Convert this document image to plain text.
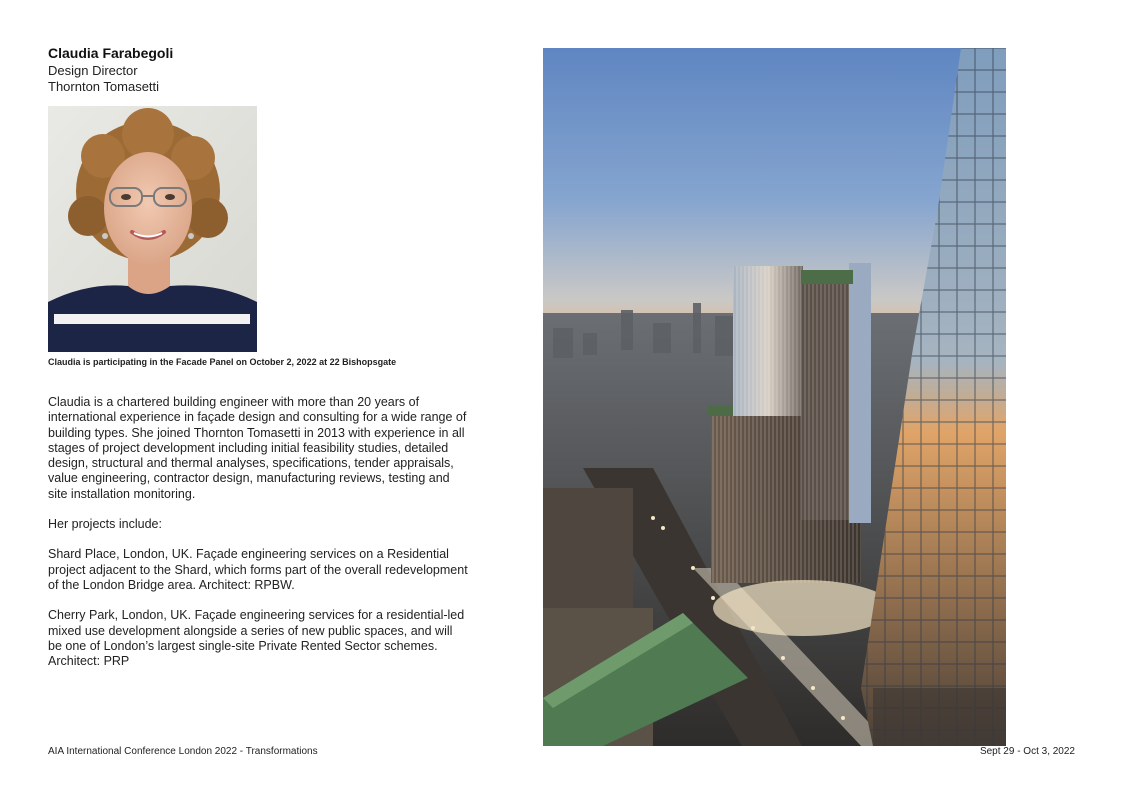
Claudia Farabegoli
Design Director
Thornton Tomasetti
Claudia is participating in the Facade Panel on October 2, 2022 at 22 Bishopsgate

Claudia is a chartered building engineer with more than 20 years of international experience in façade design and consulting for a wide range of building types. She joined Thornton Tomasetti in 2013 with experience in all stages of project development including initial feasibility studies, detailed design, structural and thermal analyses, specifications, tender appraisals, value engineering, contractor design, manufacturing reviews, testing and site installation monitoring.

Her projects include:

Shard Place, London, UK. Façade engineering services on a Residential project adjacent to the Shard, which forms part of the overall redevelopment of the London Bridge area. Architect: RPBW.

Cherry Park, London, UK. Façade engineering services for a residential-led mixed use development alongside a series of new public spaces, and will be one of London’s largest single-site Private Rented Sector schemes. Architect: PRP

AIA International Conference London 2022 - Transformations	Sept 29 - Oct 3, 2022
